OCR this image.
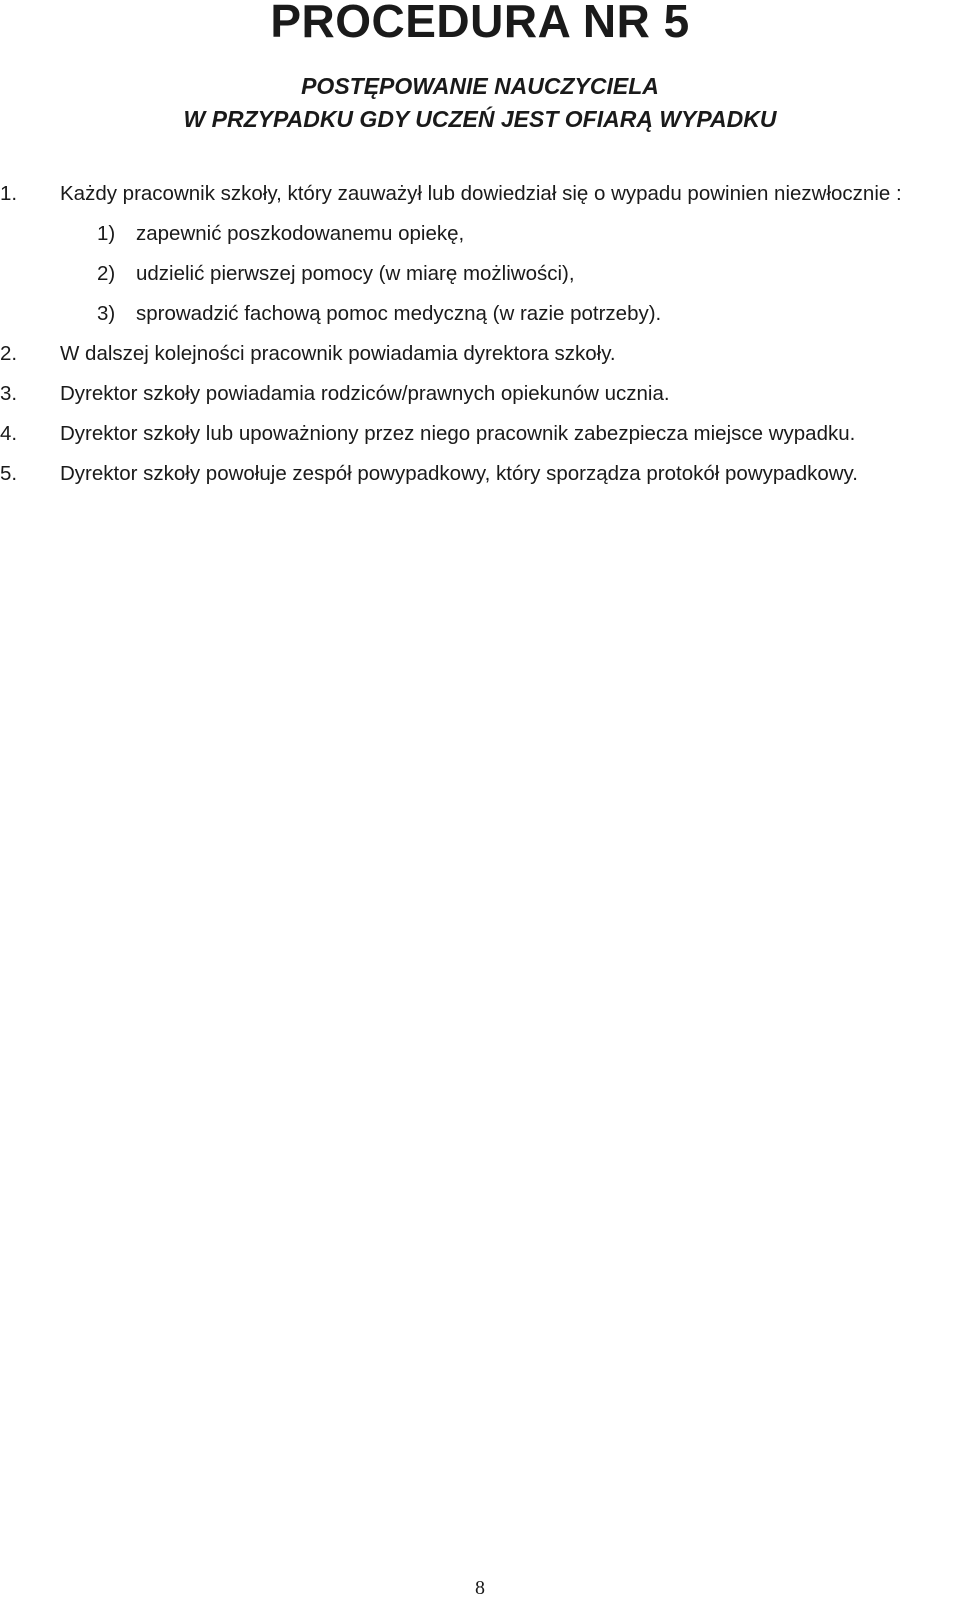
PROCEDURA NR 5
POSTĘPOWANIE NAUCZYCIELA
W PRZYPADKU GDY UCZEŃ JEST OFIARĄ WYPADKU
1. Każdy pracownik szkoły, który zauważył lub dowiedział się o wypadu powinien niezwłocznie :
1) zapewnić poszkodowanemu opiekę,
2) udzielić pierwszej pomocy (w miarę możliwości),
3) sprowadzić fachową pomoc medyczną (w razie potrzeby).
2. W dalszej kolejności pracownik powiadamia dyrektora szkoły.
3. Dyrektor szkoły powiadamia rodziców/prawnych opiekunów ucznia.
4. Dyrektor szkoły lub upoważniony przez niego pracownik zabezpiecza miejsce wypadku.
5. Dyrektor szkoły powołuje zespół powypadkowy, który sporządza protokół powypadkowy.
8
